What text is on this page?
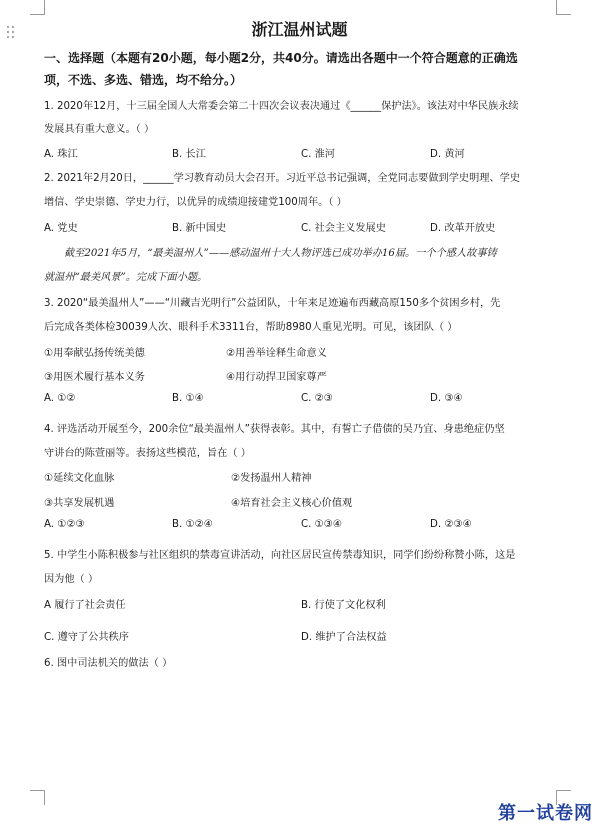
浙江温州试题
一、选择题（本题有20小题，每小题2分，共40分。请选出各题中一个符合题意的正确选
项，不选、多选、错选，均不给分。）
1. 2020年12月，十三届全国人大常委会第二十四次会议表决通过《______保护法》。该法对中华民族永续
发展具有重大意义。（ ）
A. 珠江	B. 长江	C. 淮河	D. 黄河
2. 2021年2月20日，______学习教育动员大会召开。习近平总书记强调，全党同志要做到学史明理、学史
增信、学史崇德、学史力行，以优异的成绩迎接建党100周年。（ ）
A. 党史	B. 新中国史	C. 社会主义发展史	D. 改革开放史
截至2021年5月，“最美温州人”——感动温州十大人物评选已成功举办16届。一个个感人故事铸
就温州“最美风景”。完成下面小题。
3. 2020“最美温州人”——“川藏吉光明行”公益团队，十年来足迹遍布西藏高原150多个贫困乡村，先
后完成各类体检30039人次、眼科手术3311台，帮助8980人重见光明。可见，该团队（ ）
①用奉献弘扬传统美德	②用善举诠释生命意义
③用医术履行基本义务	④用行动捍卫国家尊严
A. ①②	B. ①④	C. ②③	D. ③④
4. 评选活动开展至今，200余位“最美温州人”获得表彰。其中，有誓亡子借债的吴乃宜、身患绝症仍坚
守讲台的陈萱丽等。表扬这些模范，旨在（ ）
①延续文化血脉	②发扬温州人精神
③共享发展机遇	④培育社会主义核心价值观
A. ①②③	B. ①②④	C. ①③④	D. ②③④
5. 中学生小陈积极参与社区组织的禁毒宣讲活动，向社区居民宣传禁毒知识，同学们纷纷称赞小陈，这是
因为他（ ）
A 履行了社会责任	B. 行使了文化权利
C. 遵守了公共秩序	D. 维护了合法权益
6. 图中司法机关的做法（ ）
第一试卷网
